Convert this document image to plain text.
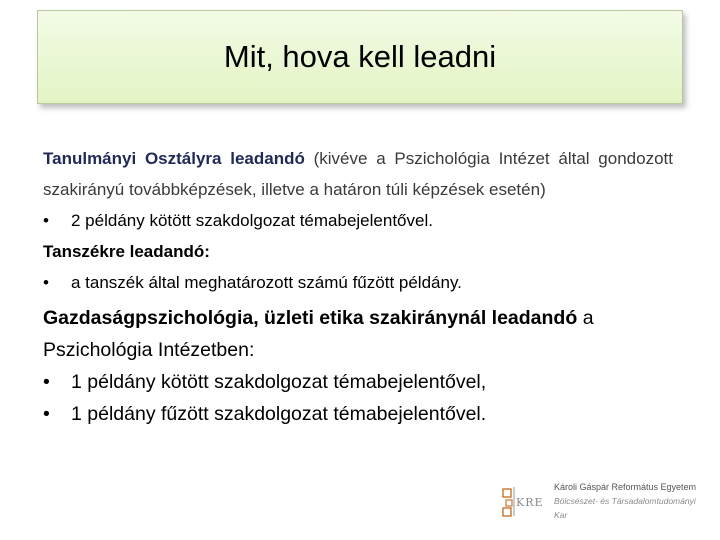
Mit, hova kell leadni

Tanulmányi Osztályra leadandó (kivéve a Pszichológia Intézet által gondozott szakirányú továbbképzések, illetve a határon túli képzések esetén)

•	2 példány kötött szakdolgozat témabejelentővel.

Tanszékre leadandó:

•	a tanszék által meghatározott számú fűzött példány.

Gazdaságpszichológia, üzleti etika szakiránynál leadandó a Pszichológia Intézetben:

•	1 példány kötött szakdolgozat témabejelentővel,
•	1 példány fűzött szakdolgozat témabejelentővel.
KRE
Károli Gáspár Református Egyetem
Bölcsészet- és Társadalomtudományi Kar
